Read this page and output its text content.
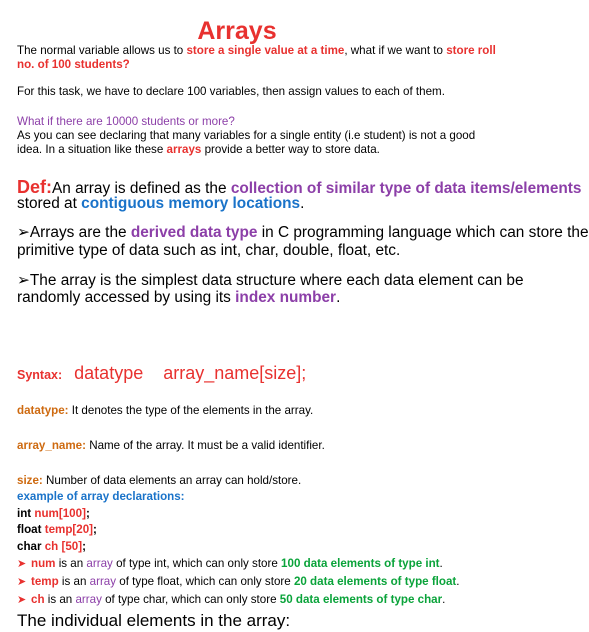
Arrays
The normal variable allows us to store a single value at a time, what if we want to store roll
no. of 100 students?
For this task, we have to declare 100 variables, then assign values to each of them.
What if there are 10000 students or more?
As you can see declaring that many variables for a single entity (i.e student) is not a good
idea. In a situation like these arrays provide a better way to store data.
Def:An array is defined as the collection of similar type of data items/elements
stored at contiguous memory locations.
➢Arrays are the derived data type in C programming language which can store the
primitive type of data such as int, char, double, float, etc.
➢The array is the simplest data structure where each data element can be
randomly accessed by using its index number.
Syntax: datatype array_name[size];
datatype: It denotes the type of the elements in the array.
array_name: Name of the array. It must be a valid identifier.
size: Number of data elements an array can hold/store.
example of array declarations:
int num[100];
float temp[20];
char ch [50];
➤ num is an array of type int, which can only store 100 data elements of type int.
➤ temp is an array of type float, which can only store 20 data elements of type float.
➤ ch is an array of type char, which can only store 50 data elements of type char.
The individual elements in the array:
